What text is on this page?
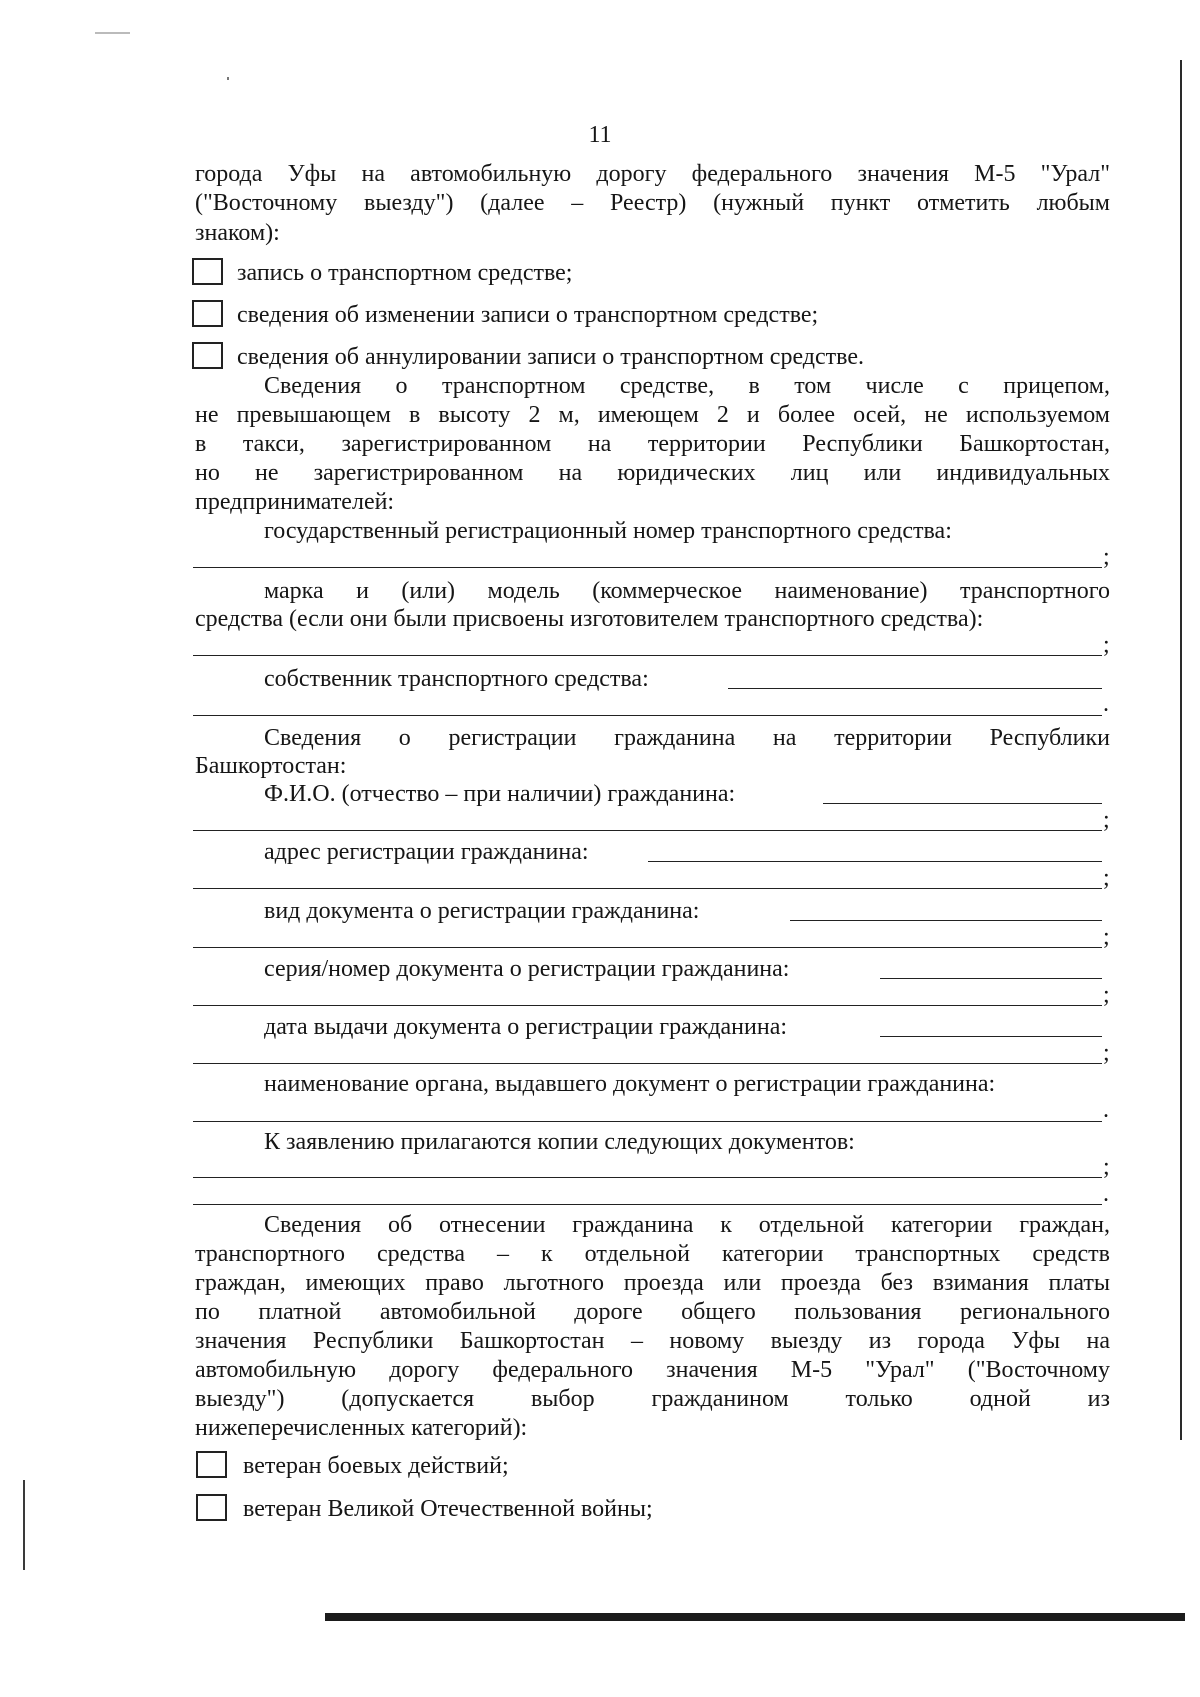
11
города Уфы на автомобильную дорогу федерального значения М-5 "Урал"
("Восточному выезду") (далее – Реестр) (нужный пункт отметить любым
знаком):
запись о транспортном средстве;
сведения об изменении записи о транспортном средстве;
сведения об аннулировании записи о транспортном средстве.
Сведения о транспортном средстве, в том числе с прицепом,
не превышающем в высоту 2 м, имеющем 2 и более осей, не используемом
в такси, зарегистрированном на территории Республики Башкортостан,
но не зарегистрированном на юридических лиц или индивидуальных
предпринимателей:
государственный регистрационный номер транспортного средства:
;
марка и (или) модель (коммерческое наименование) транспортного
средства (если они были присвоены изготовителем транспортного средства):
;
собственник транспортного средства:
.
Сведения о регистрации гражданина на территории Республики
Башкортостан:
Ф.И.О. (отчество – при наличии) гражданина:
;
адрес регистрации гражданина:
;
вид документа о регистрации гражданина:
;
серия/номер документа о регистрации гражданина:
;
дата выдачи документа о регистрации гражданина:
;
наименование органа, выдавшего документ о регистрации гражданина:
.
К заявлению прилагаются копии следующих документов:
;
.
Сведения об отнесении гражданина к отдельной категории граждан,
транспортного средства – к отдельной категории транспортных средств
граждан, имеющих право льготного проезда или проезда без взимания платы
по платной автомобильной дороге общего пользования регионального
значения Республики Башкортостан – новому выезду из города Уфы на
автомобильную дорогу федерального значения М-5 "Урал" ("Восточному
выезду") (допускается выбор гражданином только одной из
нижеперечисленных категорий):
ветеран боевых действий;
ветеран Великой Отечественной войны;
